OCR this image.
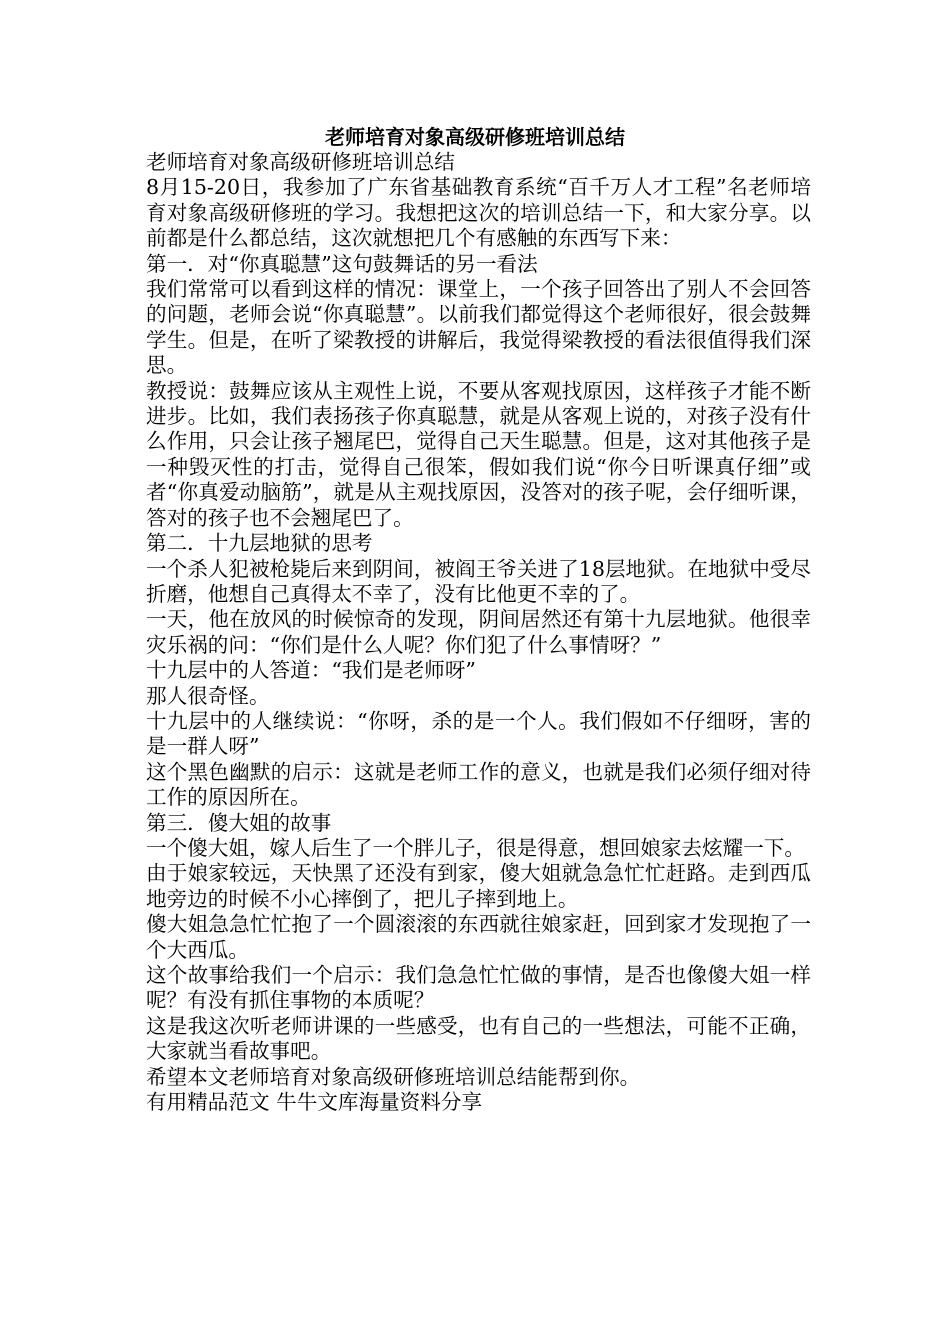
老师培育对象高级研修班培训总结

老师培育对象高级研修班培训总结

8月15-20日，我参加了广东省基础教育系统“百千万人才工程”名老师培育对象高级研修班的学习。我想把这次的培训总结一下，和大家分享。以前都是什么都总结，这次就想把几个有感触的东西写下来：

第一．对“你真聪慧”这句鼓舞话的另一看法

我们常常可以看到这样的情况：课堂上，一个孩子回答出了别人不会回答的问题，老师会说“你真聪慧”。以前我们都觉得这个老师很好，很会鼓舞学生。但是，在听了梁教授的讲解后，我觉得梁教授的看法很值得我们深思。

教授说：鼓舞应该从主观性上说，不要从客观找原因，这样孩子才能不断进步。比如，我们表扬孩子你真聪慧，就是从客观上说的，对孩子没有什么作用，只会让孩子翘尾巴，觉得自己天生聪慧。但是，这对其他孩子是一种毁灭性的打击，觉得自己很笨，假如我们说“你今日听课真仔细”或者“你真爱动脑筋”，就是从主观找原因，没答对的孩子呢，会仔细听课，答对的孩子也不会翘尾巴了。

第二．十九层地狱的思考

一个杀人犯被枪毙后来到阴间，被阎王爷关进了18层地狱。在地狱中受尽折磨，他想自己真得太不幸了，没有比他更不幸的了。

一天，他在放风的时候惊奇的发现，阴间居然还有第十九层地狱。他很幸灾乐祸的问：“你们是什么人呢？你们犯了什么事情呀？”

十九层中的人答道：“我们是老师呀”

那人很奇怪。

十九层中的人继续说：“你呀，杀的是一个人。我们假如不仔细呀，害的是一群人呀”

这个黑色幽默的启示：这就是老师工作的意义，也就是我们必须仔细对待工作的原因所在。

第三．傻大姐的故事

一个傻大姐，嫁人后生了一个胖儿子，很是得意，想回娘家去炫耀一下。

由于娘家较远，天快黑了还没有到家，傻大姐就急急忙忙赶路。走到西瓜地旁边的时候不小心摔倒了，把儿子摔到地上。

傻大姐急急忙忙抱了一个圆滚滚的东西就往娘家赶，回到家才发现抱了一个大西瓜。

这个故事给我们一个启示：我们急急忙忙做的事情，是否也像傻大姐一样呢？有没有抓住事物的本质呢？

这是我这次听老师讲课的一些感受，也有自己的一些想法，可能不正确，大家就当看故事吧。

希望本文老师培育对象高级研修班培训总结能帮到你。

有用精品范文 牛牛文库海量资料分享
